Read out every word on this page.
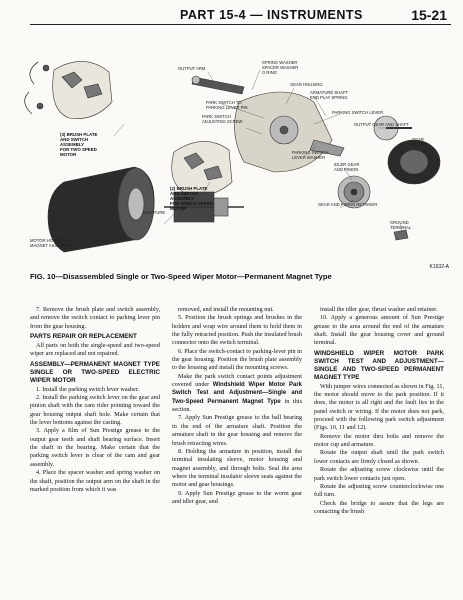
PART 15-4 — INSTRUMENTS	15-21
OUTPUT ARM
SPRING WASHER
SPACER WASHER
O RING
GEAR HOUSING
ARMATURE SHAFT
END PLAY SPRING
PARK SWITCH TO
PARKING LEVER PIN
PARK SWITCH
ADJUSTING SCREW
PARKING SWITCH LEVER
OUTPUT GEAR AND SHAFT
GEAR
COVER
(3) BRUSH PLATE
AND SWITCH
ASSEMBLY
FOR TWO SPEED
MOTOR	PARKING SWITCH
LEVER WASHER
IDLER GEAR
AND PINION
(2) BRUSH PLATE
AND SWITCH
ASSEMBLY
FOR SINGLE SPEED
MOTOR
ARMATURE
GEAR AND PINION RETAINER
GROUND
TERMINAL
MOTOR HOUSING AND
MAGNET ASSEMBLY
K1632-A
FIG. 10—Disassembled Single or Two-Speed Wiper Motor—Permanent Magnet Type

7. Remove the brush plate and switch assembly, and remove the switch contact to parking lever pin from the gear housing.

PARTS REPAIR OR REPLACEMENT

All parts on both the single-speed and two-speed wiper are replaced and not repaired.

ASSEMBLY—PERMANENT MAGNET TYPE SINGLE OR TWO-SPEED ELECTRIC WIPER MOTOR

1. Install the parking switch lever washer.

2. Install the parking switch lever on the gear and pinion shaft with the cam rider pointing toward the gear housing output shaft hole. Make certain that the lever bottoms against the casting.

3. Apply a film of Sun Prestige grease to the output gear teeth and shaft bearing surface. Insert the shaft in the bearing. Make certain that the parking switch lever is clear of the cam and gear assembly.

4. Place the spacer washer and spring washer on the shaft, position the output arm on the shaft in the marked position from which it was

removed, and install the mounting nut.

5. Position the brush springs and brushes in the holders and wrap wire around them to hold them in the fully retracted position. Push the insulated brush connector onto the switch terminal.

6. Place the switch-contact to parking-lever pin in the gear housing. Position the brush plate assembly to the housing and install the mounting screws.

Make the park switch contact points adjustment covered under Windshield Wiper Motor Park Switch Test and Adjustment—Single and Two-Speed Permanent Magnet Type in this section.

7. Apply Sun Prestige grease to the ball bearing in the end of the armature shaft. Position the armature shaft in the gear housing and remove the brush retracting wires.

8. Holding the armature in position, install the terminal insulating sleeve, motor housing and magnet assembly, and through bolts. Seal the area where the terminal insulator sleeve seats against the motor and gear housings.

9. Apply Sun Prestige grease to the worm gear and idler gear, and

install the idler gear, thrust washer and retainer.

10. Apply a generous amount of Sun Prestige grease to the area around the end of the armature shaft. Install the gear housing cover and ground terminal.

WINDSHIELD WIPER MOTOR PARK SWITCH TEST AND ADJUSTMENT—SINGLE AND TWO-SPEED PERMANENT MAGNET TYPE

With jumper wires connected as shown in Fig. 11, the motor should move to the park position. If it does, the motor is all right and the fault lies in the panel switch or wiring. If the motor does not park, proceed with the following park switch adjustment (Figs. 10, 11 and 12).

Remove the motor thru bolts and remove the motor cup and armature.

Rotate the output shaft until the park switch lower contacts are firmly closed as shown.

Rotate the adjusting screw clockwise until the park switch lower contacts just open.

Rotate the adjusting screw counterclockwise one full turn.

Check the bridge to assure that the legs are contacting the brush
